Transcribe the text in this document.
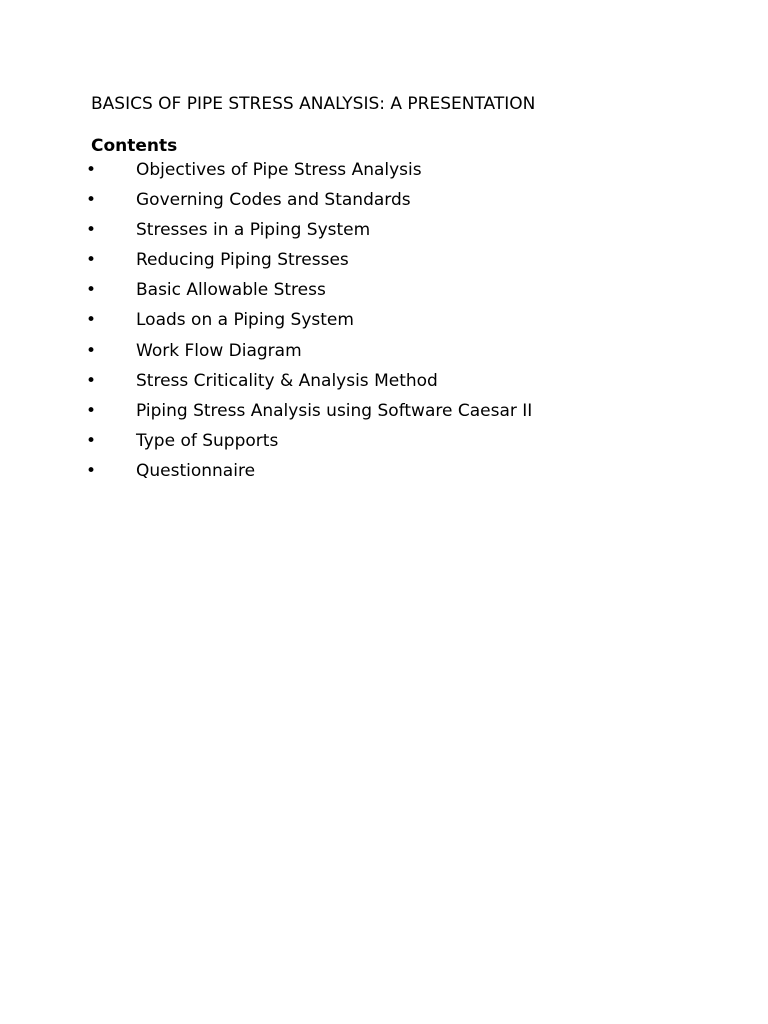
BASICS OF PIPE STRESS ANALYSIS: A PRESENTATION
Contents
• Objectives of Pipe Stress Analysis
• Governing Codes and Standards
• Stresses in a Piping System
• Reducing Piping Stresses
• Basic Allowable Stress
• Loads on a Piping System
• Work Flow Diagram
• Stress Criticality & Analysis Method
• Piping Stress Analysis using Software Caesar II
• Type of Supports
• Questionnaire
